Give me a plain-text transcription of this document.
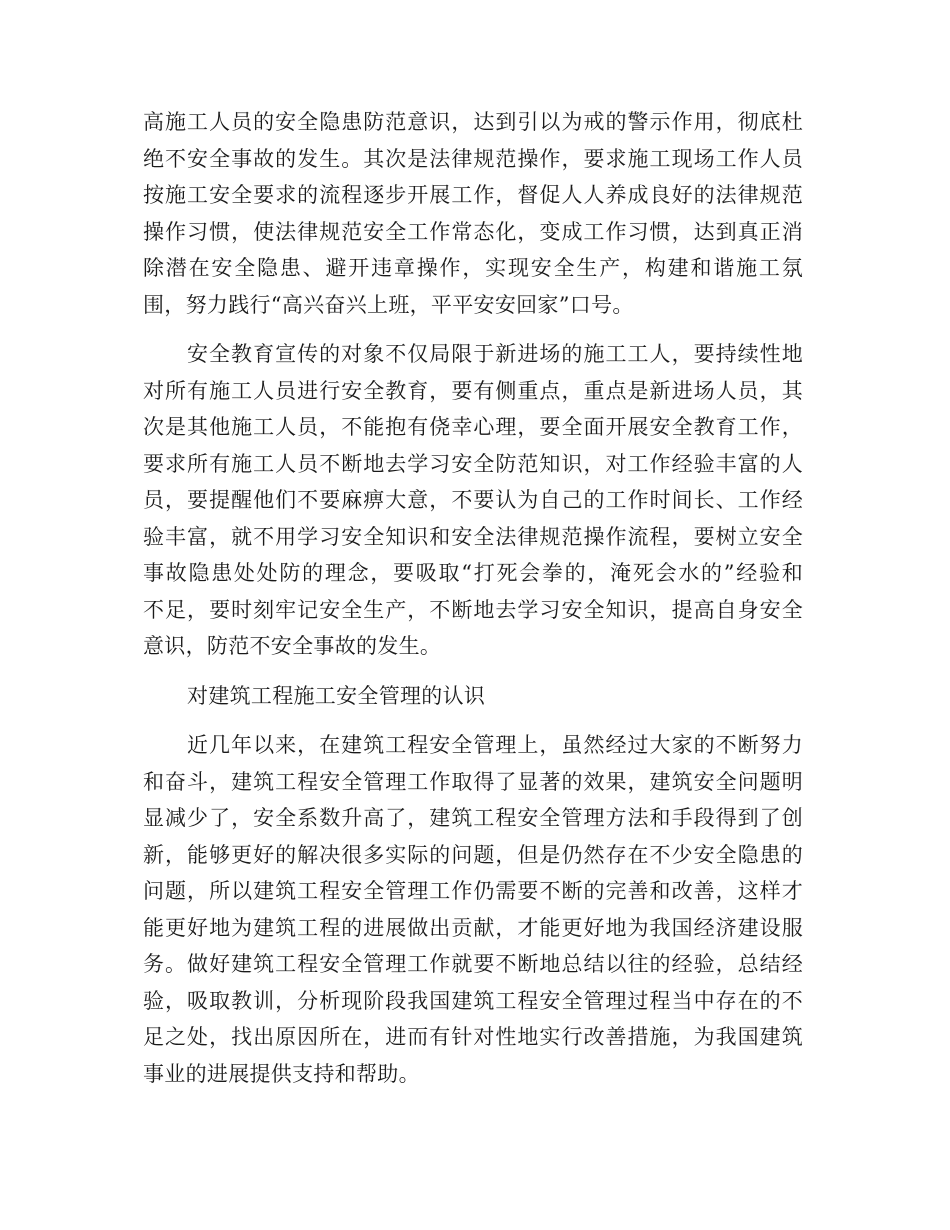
高施工人员的安全隐患防范意识，达到引以为戒的警示作用，彻底杜
绝不安全事故的发生。其次是法律规范操作，要求施工现场工作人员
按施工安全要求的流程逐步开展工作，督促人人养成良好的法律规范
操作习惯，使法律规范安全工作常态化，变成工作习惯，达到真正消
除潜在安全隐患、避开违章操作，实现安全生产，构建和谐施工氛
围，努力践行“高兴奋兴上班，平平安安回家”口号。
安全教育宣传的对象不仅局限于新进场的施工工人，要持续性地
对所有施工人员进行安全教育，要有侧重点，重点是新进场人员，其
次是其他施工人员，不能抱有侥幸心理，要全面开展安全教育工作，
要求所有施工人员不断地去学习安全防范知识，对工作经验丰富的人
员，要提醒他们不要麻痹大意，不要认为自己的工作时间长、工作经
验丰富，就不用学习安全知识和安全法律规范操作流程，要树立安全
事故隐患处处防的理念，要吸取“打死会拳的，淹死会水的”经验和
不足，要时刻牢记安全生产，不断地去学习安全知识，提高自身安全
意识，防范不安全事故的发生。
对建筑工程施工安全管理的认识
近几年以来，在建筑工程安全管理上，虽然经过大家的不断努力
和奋斗，建筑工程安全管理工作取得了显著的效果，建筑安全问题明
显减少了，安全系数升高了，建筑工程安全管理方法和手段得到了创
新，能够更好的解决很多实际的问题，但是仍然存在不少安全隐患的
问题，所以建筑工程安全管理工作仍需要不断的完善和改善，这样才
能更好地为建筑工程的进展做出贡献，才能更好地为我国经济建设服
务。做好建筑工程安全管理工作就要不断地总结以往的经验，总结经
验，吸取教训，分析现阶段我国建筑工程安全管理过程当中存在的不
足之处，找出原因所在，进而有针对性地实行改善措施，为我国建筑
事业的进展提供支持和帮助。
